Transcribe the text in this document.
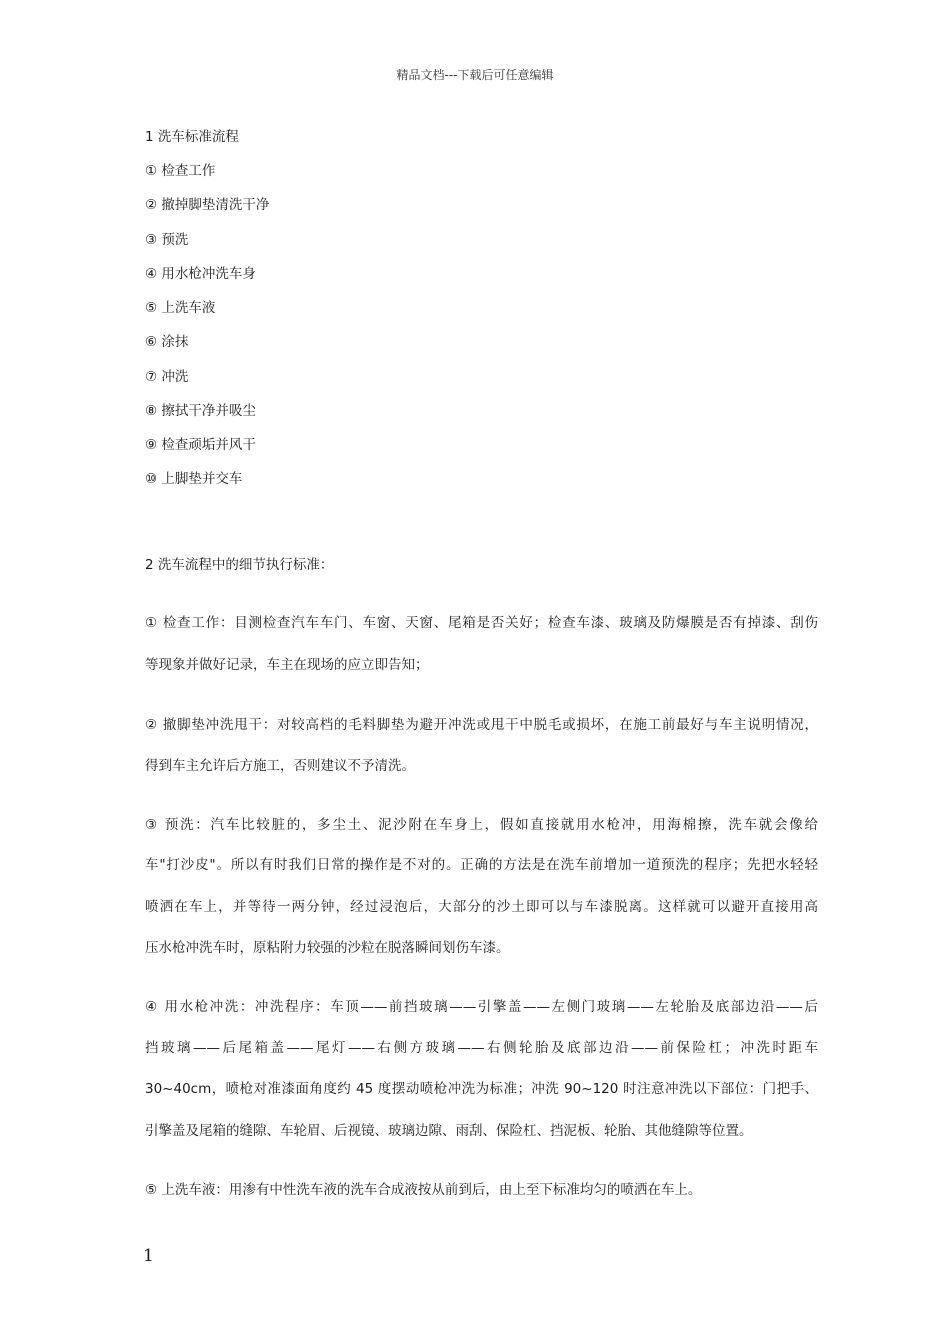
精品文档---下载后可任意编辑
1 洗车标准流程
① 检查工作
② 撤掉脚垫清洗干净
③ 预洗
④ 用水枪冲洗车身
⑤ 上洗车液
⑥ 涂抹
⑦ 冲洗
⑧ 擦拭干净并吸尘
⑨ 检查顽垢并风干
⑩ 上脚垫并交车
2 洗车流程中的细节执行标准：
① 检查工作：目测检查汽车车门、车窗、天窗、尾箱是否关好；检查车漆、玻璃及防爆膜是否有掉漆、刮伤
等现象并做好记录，车主在现场的应立即告知；
② 撤脚垫冲洗甩干：对较高档的毛料脚垫为避开冲洗或甩干中脱毛或损坏，在施工前最好与车主说明情况，
得到车主允许后方施工，否则建议不予清洗。
③ 预洗：汽车比较脏的，多尘土、泥沙附在车身上，假如直接就用水枪冲，用海棉擦，洗车就会像给
车"打沙皮"。所以有时我们日常的操作是不对的。正确的方法是在洗车前增加一道预洗的程序；先把水轻轻
喷洒在车上，并等待一两分钟，经过浸泡后，大部分的沙土即可以与车漆脱离。这样就可以避开直接用高
压水枪冲洗车时，原粘附力较强的沙粒在脱落瞬间划伤车漆。
④ 用水枪冲洗：冲洗程序：车顶——前挡玻璃——引擎盖——左侧门玻璃——左轮胎及底部边沿——后
挡玻璃——后尾箱盖——尾灯——右侧方玻璃——右侧轮胎及底部边沿——前保险杠；冲洗时距车
30~40cm，喷枪对准漆面角度约 45 度摆动喷枪冲洗为标准；冲洗 90~120 时注意冲洗以下部位：门把手、
引擎盖及尾箱的缝隙、车轮眉、后视镜、玻璃边隙、雨刮、保险杠、挡泥板、轮胎、其他缝隙等位置。
⑤ 上洗车液：用渗有中性洗车液的洗车合成液按从前到后，由上至下标准均匀的喷洒在车上。
1
